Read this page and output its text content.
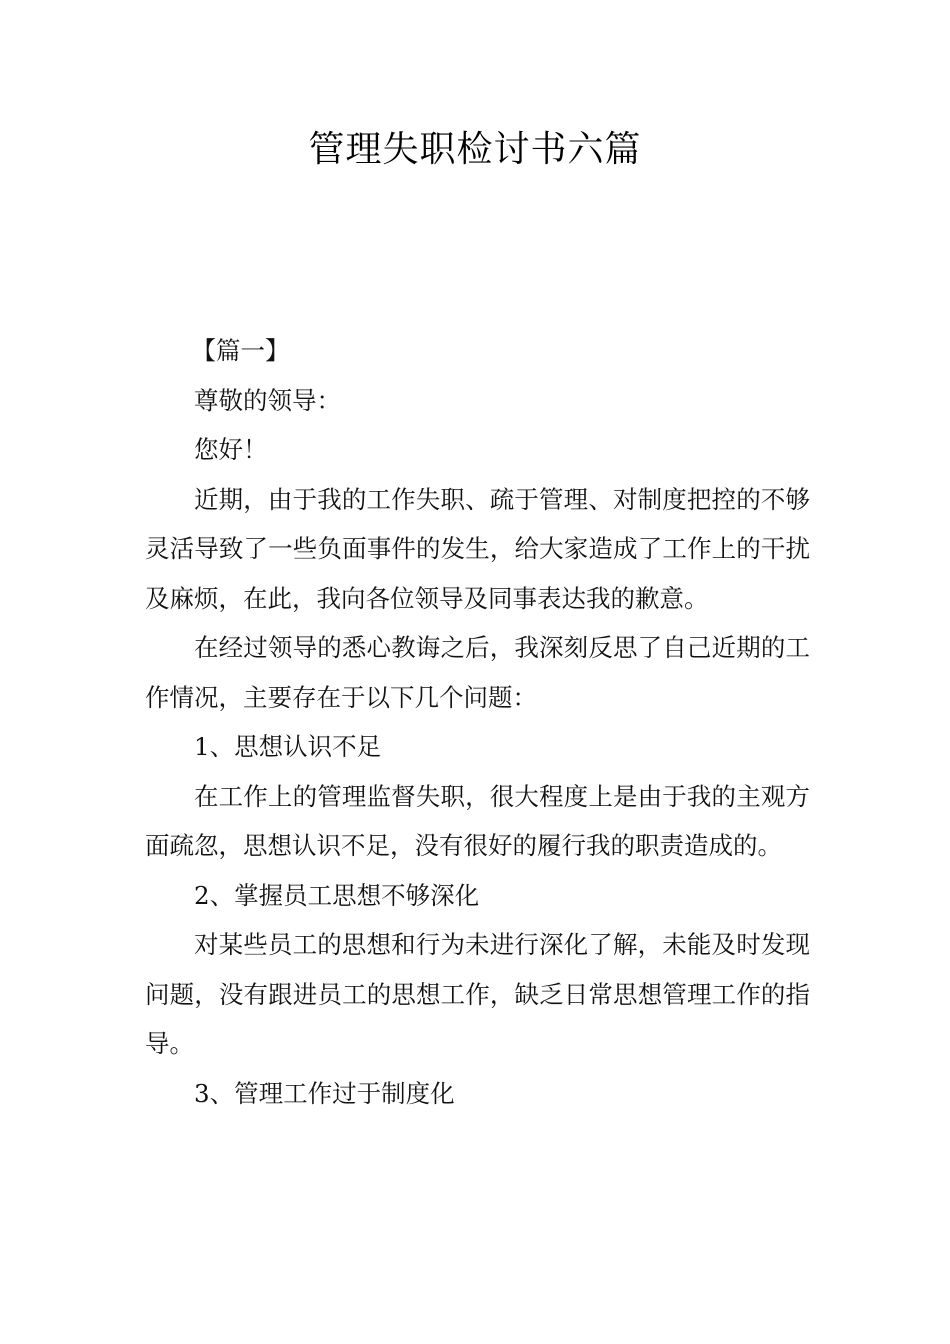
管理失职检讨书六篇

【篇一】

尊敬的领导：

您好！

近期，由于我的工作失职、疏于管理、对制度把控的不够灵活导致了一些负面事件的发生，给大家造成了工作上的干扰及麻烦，在此，我向各位领导及同事表达我的歉意。

在经过领导的悉心教诲之后，我深刻反思了自己近期的工作情况，主要存在于以下几个问题：

1、思想认识不足

在工作上的管理监督失职，很大程度上是由于我的主观方面疏忽，思想认识不足，没有很好的履行我的职责造成的。

2、掌握员工思想不够深化

对某些员工的思想和行为未进行深化了解，未能及时发现问题，没有跟进员工的思想工作，缺乏日常思想管理工作的指导。

3、管理工作过于制度化
